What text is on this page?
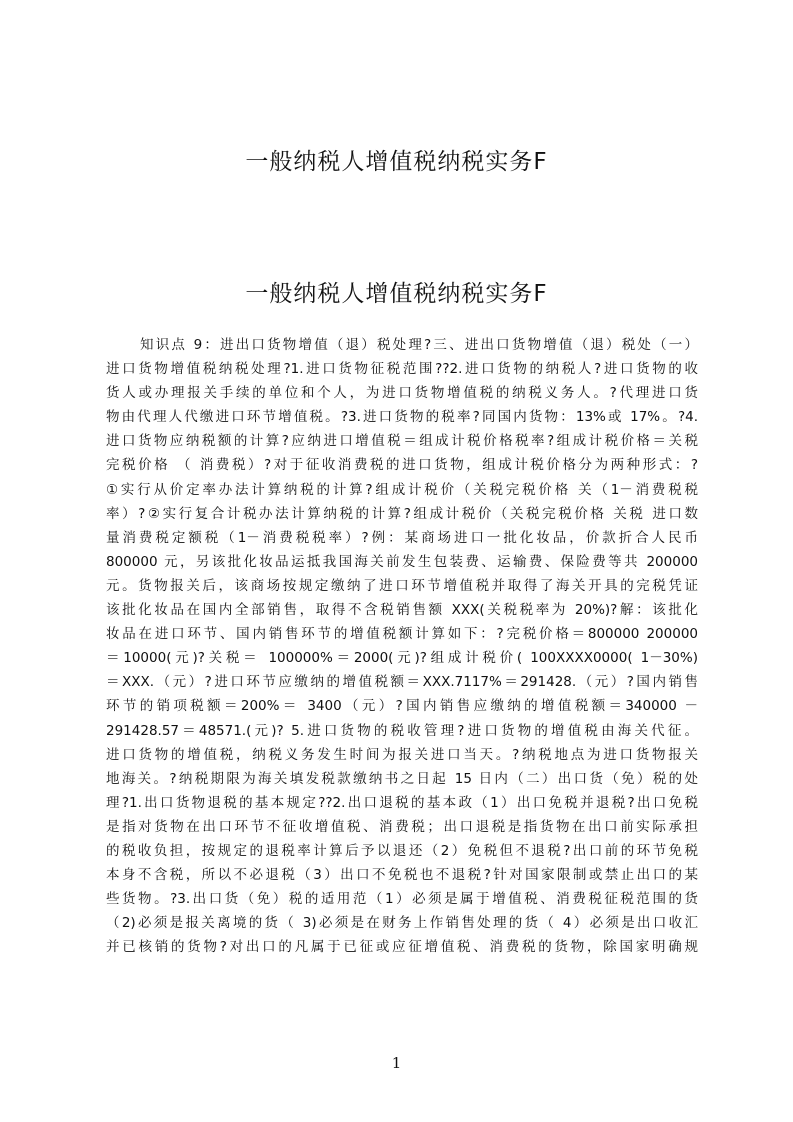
一般纳税人增值税纳税实务F
一般纳税人增值税纳税实务F
知识点 9：进出口货物增值（退）税处理?三、进出口货物增值（退）税处（一）
进口货物增值税纳税处理?1.进口货物征税范围??2.进口货物的纳税人?进口货物的收
货人或办理报关手续的单位和个人，为进口货物增值税的纳税义务人。?代理进口货
物由代理人代缴进口环节增值税。?3.进口货物的税率?同国内货物：13%或 17%。?4.
进口货物应纳税额的计算?应纳进口增值税＝组成计税价格税率?组成计税价格＝关税
完税价格 （ 消费税）?对于征收消费税的进口货物，组成计税价格分为两种形式：?
①实行从价定率办法计算纳税的计算?组成计税价（关税完税价格 关（1－消费税税
率）?②实行复合计税办法计算纳税的计算?组成计税价（关税完税价格 关税 进口数
量消费税定额税（1－消费税税率）?例：某商场进口一批化妆品，价款折合人民币
800000 元，另该批化妆品运抵我国海关前发生包装费、运输费、保险费等共 200000
元。货物报关后，该商场按规定缴纳了进口环节增值税并取得了海关开具的完税凭证
该批化妆品在国内全部销售，取得不含税销售额 XXX(关税税率为 20%)?解：该批化
妆品在进口环节、国内销售环节的增值税额计算如下：?完税价格＝800000 200000
＝10000(元)?关税＝ 100000%＝2000(元)?组成计税价( 100XXXX0000( 1－30%)
＝XXX.（元）?进口环节应缴纳的增值税额＝XXX.7117%＝291428.（元）?国内销售
环节的销项税额＝200%＝ 3400（元）?国内销售应缴纳的增值税额＝340000 －
291428.57＝48571.(元)? 5.进口货物的税收管理?进口货物的增值税由海关代征。
进口货物的增值税，纳税义务发生时间为报关进口当天。?纳税地点为进口货物报关
地海关。?纳税期限为海关填发税款缴纳书之日起 15 日内（二）出口货（免）税的处
理?1.出口货物退税的基本规定??2.出口退税的基本政（1）出口免税并退税?出口免税
是指对货物在出口环节不征收增值税、消费税；出口退税是指货物在出口前实际承担
的税收负担，按规定的退税率计算后予以退还（2）免税但不退税?出口前的环节免税
本身不含税，所以不必退税（3）出口不免税也不退税?针对国家限制或禁止出口的某
些货物。?3.出口货（免）税的适用范（1）必须是属于增值税、消费税征税范围的货
（2)必须是报关离境的货（ 3)必须是在财务上作销售处理的货（ 4）必须是出口收汇
并已核销的货物?对出口的凡属于已征或应征增值税、消费税的货物，除国家明确规
1
